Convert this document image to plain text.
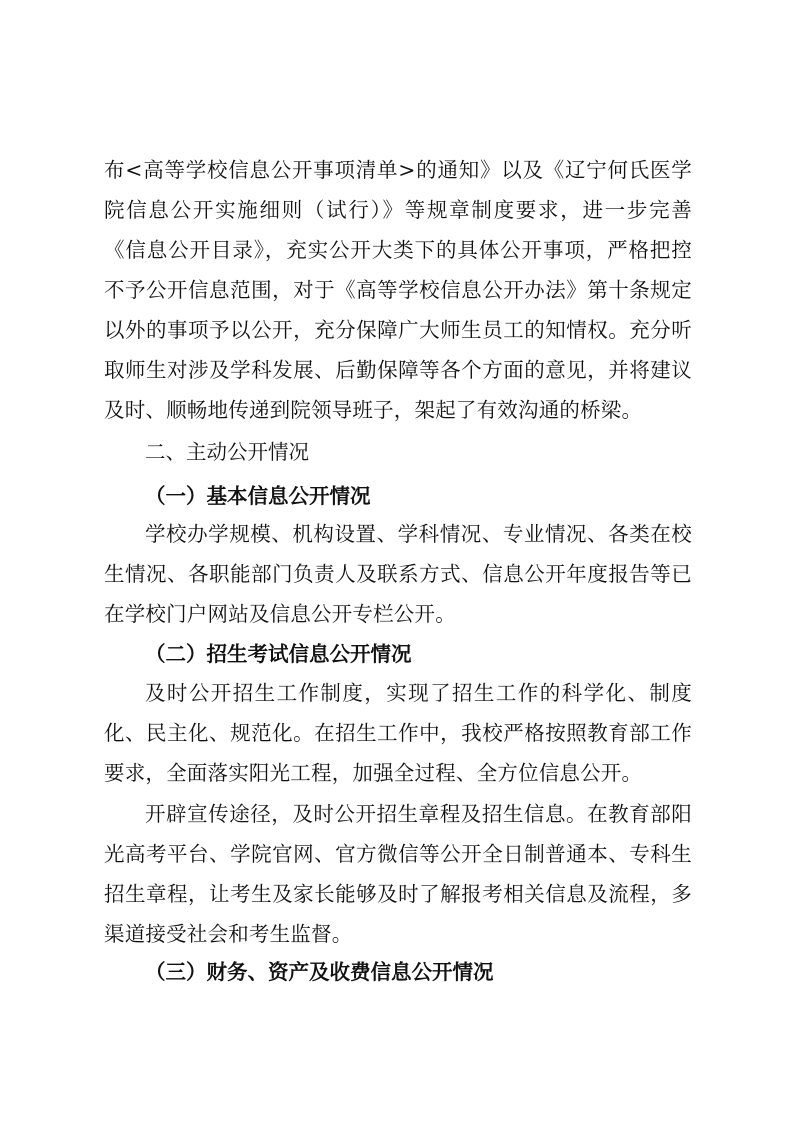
布<高等学校信息公开事项清单>的通知》以及《辽宁何氏医学院信息公开实施细则（试行）》等规章制度要求，进一步完善《信息公开目录》，充实公开大类下的具体公开事项，严格把控不予公开信息范围，对于《高等学校信息公开办法》第十条规定以外的事项予以公开，充分保障广大师生员工的知情权。充分听取师生对涉及学科发展、后勤保障等各个方面的意见，并将建议及时、顺畅地传递到院领导班子，架起了有效沟通的桥梁。

二、主动公开情况
（一）基本信息公开情况

学校办学规模、机构设置、学科情况、专业情况、各类在校生情况、各职能部门负责人及联系方式、信息公开年度报告等已在学校门户网站及信息公开专栏公开。

（二）招生考试信息公开情况

及时公开招生工作制度，实现了招生工作的科学化、制度化、民主化、规范化。在招生工作中，我校严格按照教育部工作要求，全面落实阳光工程，加强全过程、全方位信息公开。

开辟宣传途径，及时公开招生章程及招生信息。在教育部阳光高考平台、学院官网、官方微信等公开全日制普通本、专科生招生章程，让考生及家长能够及时了解报考相关信息及流程，多渠道接受社会和考生监督。

（三）财务、资产及收费信息公开情况
